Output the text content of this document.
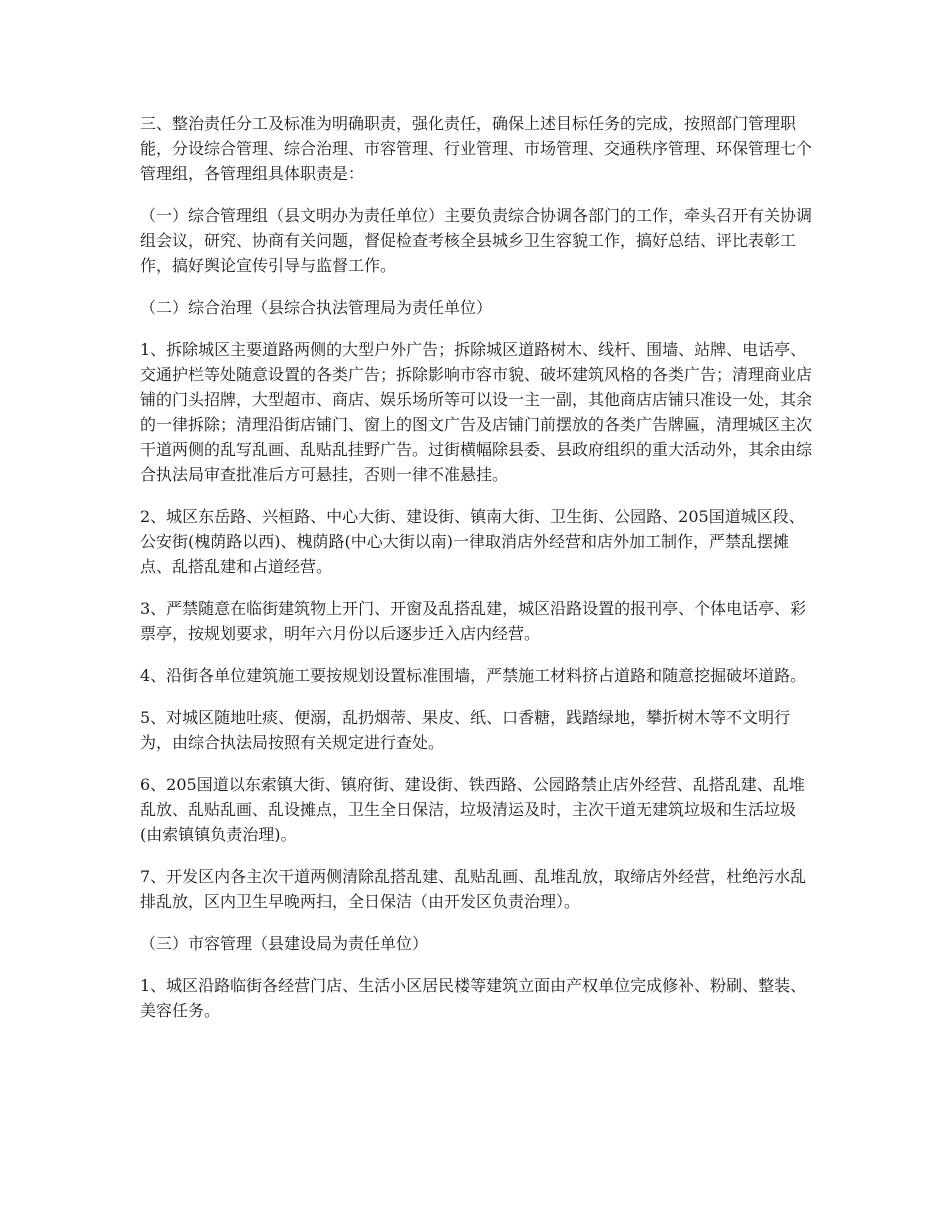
三、整治责任分工及标准为明确职责，强化责任，确保上述目标任务的完成，按照部门管理职能，分设综合管理、综合治理、市容管理、行业管理、市场管理、交通秩序管理、环保管理七个管理组，各管理组具体职责是：

（一）综合管理组（县文明办为责任单位）主要负责综合协调各部门的工作，牵头召开有关协调组会议，研究、协商有关问题，督促检查考核全县城乡卫生容貌工作，搞好总结、评比表彰工作，搞好舆论宣传引导与监督工作。

（二）综合治理（县综合执法管理局为责任单位）

1、拆除城区主要道路两侧的大型户外广告；拆除城区道路树木、线杆、围墙、站牌、电话亭、交通护栏等处随意设置的各类广告；拆除影响市容市貌、破坏建筑风格的各类广告；清理商业店铺的门头招牌，大型超市、商店、娱乐场所等可以设一主一副，其他商店店铺只准设一处，其余的一律拆除；清理沿街店铺门、窗上的图文广告及店铺门前摆放的各类广告牌匾，清理城区主次干道两侧的乱写乱画、乱贴乱挂野广告。过街横幅除县委、县政府组织的重大活动外，其余由综合执法局审查批准后方可悬挂，否则一律不准悬挂。

2、城区东岳路、兴桓路、中心大街、建设街、镇南大街、卫生街、公园路、205国道城区段、公安街(槐荫路以西)、槐荫路(中心大街以南)一律取消店外经营和店外加工制作，严禁乱摆摊点、乱搭乱建和占道经营。

3、严禁随意在临街建筑物上开门、开窗及乱搭乱建，城区沿路设置的报刊亭、个体电话亭、彩票亭，按规划要求，明年六月份以后逐步迁入店内经营。

4、沿街各单位建筑施工要按规划设置标准围墙，严禁施工材料挤占道路和随意挖掘破坏道路。

5、对城区随地吐痰、便溺，乱扔烟蒂、果皮、纸、口香糖，践踏绿地，攀折树木等不文明行为，由综合执法局按照有关规定进行查处。

6、205国道以东索镇大街、镇府街、建设街、铁西路、公园路禁止店外经营、乱搭乱建、乱堆乱放、乱贴乱画、乱设摊点，卫生全日保洁，垃圾清运及时，主次干道无建筑垃圾和生活垃圾(由索镇镇负责治理)。

7、开发区内各主次干道两侧清除乱搭乱建、乱贴乱画、乱堆乱放，取缔店外经营，杜绝污水乱排乱放，区内卫生早晚两扫，全日保洁（由开发区负责治理）。

（三）市容管理（县建设局为责任单位）

1、城区沿路临街各经营门店、生活小区居民楼等建筑立面由产权单位完成修补、粉刷、整装、美容任务。
